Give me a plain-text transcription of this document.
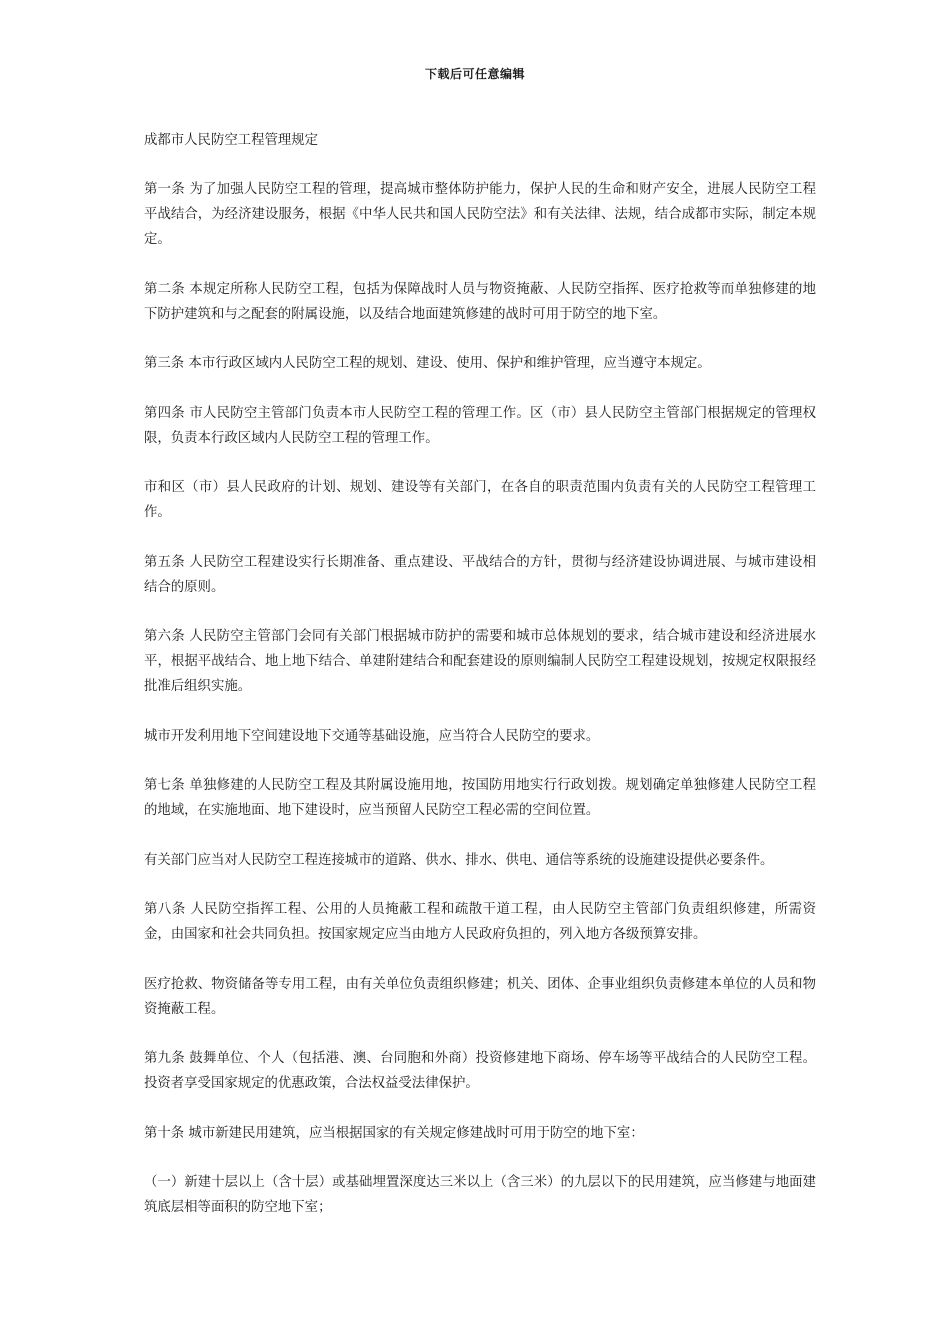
下载后可任意编辑

成都市人民防空工程管理规定

第一条 为了加强人民防空工程的管理，提高城市整体防护能力，保护人民的生命和财产安全，进展人民防空工程平战结合，为经济建设服务，根据《中华人民共和国人民防空法》和有关法律、法规，结合成都市实际，制定本规定。

第二条 本规定所称人民防空工程，包括为保障战时人员与物资掩蔽、人民防空指挥、医疗抢救等而单独修建的地下防护建筑和与之配套的附属设施，以及结合地面建筑修建的战时可用于防空的地下室。

第三条 本市行政区域内人民防空工程的规划、建设、使用、保护和维护管理，应当遵守本规定。

第四条 市人民防空主管部门负责本市人民防空工程的管理工作。区（市）县人民防空主管部门根据规定的管理权限，负责本行政区域内人民防空工程的管理工作。

市和区（市）县人民政府的计划、规划、建设等有关部门，在各自的职责范围内负责有关的人民防空工程管理工作。

第五条 人民防空工程建设实行长期准备、重点建设、平战结合的方针，贯彻与经济建设协调进展、与城市建设相结合的原则。

第六条 人民防空主管部门会同有关部门根据城市防护的需要和城市总体规划的要求，结合城市建设和经济进展水平，根据平战结合、地上地下结合、单建附建结合和配套建设的原则编制人民防空工程建设规划，按规定权限报经批准后组织实施。

城市开发利用地下空间建设地下交通等基础设施，应当符合人民防空的要求。

第七条 单独修建的人民防空工程及其附属设施用地，按国防用地实行行政划拨。规划确定单独修建人民防空工程的地域，在实施地面、地下建设时，应当预留人民防空工程必需的空间位置。

有关部门应当对人民防空工程连接城市的道路、供水、排水、供电、通信等系统的设施建设提供必要条件。

第八条 人民防空指挥工程、公用的人员掩蔽工程和疏散干道工程，由人民防空主管部门负责组织修建，所需资金，由国家和社会共同负担。按国家规定应当由地方人民政府负担的，列入地方各级预算安排。

医疗抢救、物资储备等专用工程，由有关单位负责组织修建；机关、团体、企事业组织负责修建本单位的人员和物资掩蔽工程。

第九条 鼓舞单位、个人（包括港、澳、台同胞和外商）投资修建地下商场、停车场等平战结合的人民防空工程。投资者享受国家规定的优惠政策，合法权益受法律保护。

第十条 城市新建民用建筑，应当根据国家的有关规定修建战时可用于防空的地下室：

（一）新建十层以上（含十层）或基础埋置深度达三米以上（含三米）的九层以下的民用建筑，应当修建与地面建筑底层相等面积的防空地下室；
